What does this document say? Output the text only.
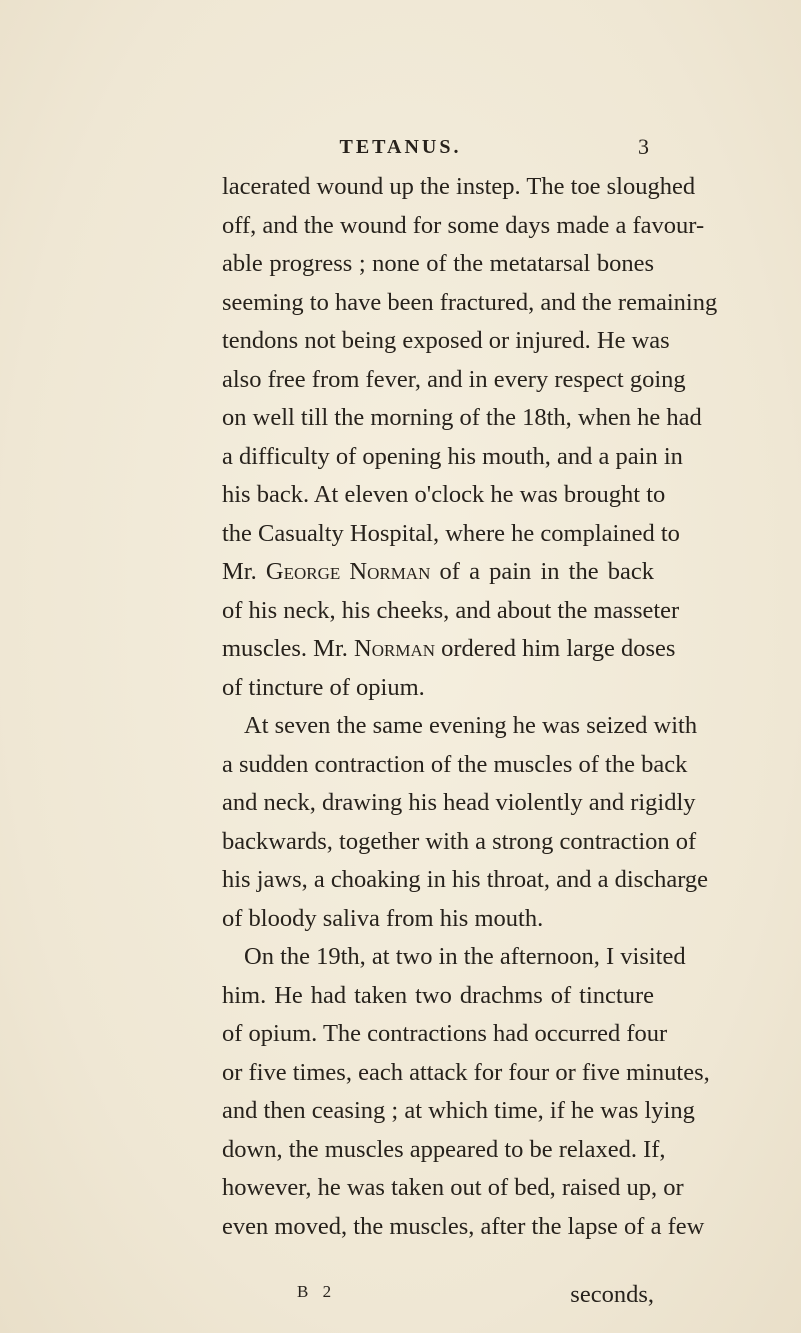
TETANUS.	3
lacerated wound up the instep. The toe sloughed
off, and the wound for some days made a favour-
able progress ; none of the metatarsal bones
seeming to have been fractured, and the remaining
tendons not being exposed or injured. He was
also free from fever, and in every respect going
on well till the morning of the 18th, when he had
a difficulty of opening his mouth, and a pain in
his back. At eleven o'clock he was brought to
the Casualty Hospital, where he complained to
Mr. George Norman of a pain in the back
of his neck, his cheeks, and about the masseter
muscles. Mr. Norman ordered him large doses
of tincture of opium.
At seven the same evening he was seized with
a sudden contraction of the muscles of the back
and neck, drawing his head violently and rigidly
backwards, together with a strong contraction of
his jaws, a choaking in his throat, and a discharge
of bloody saliva from his mouth.
On the 19th, at two in the afternoon, I visited
him. He had taken two drachms of tincture
of opium. The contractions had occurred four
or five times, each attack for four or five minutes,
and then ceasing ; at which time, if he was lying
down, the muscles appeared to be relaxed. If,
however, he was taken out of bed, raised up, or
even moved, the muscles, after the lapse of a few
B 2	seconds,
